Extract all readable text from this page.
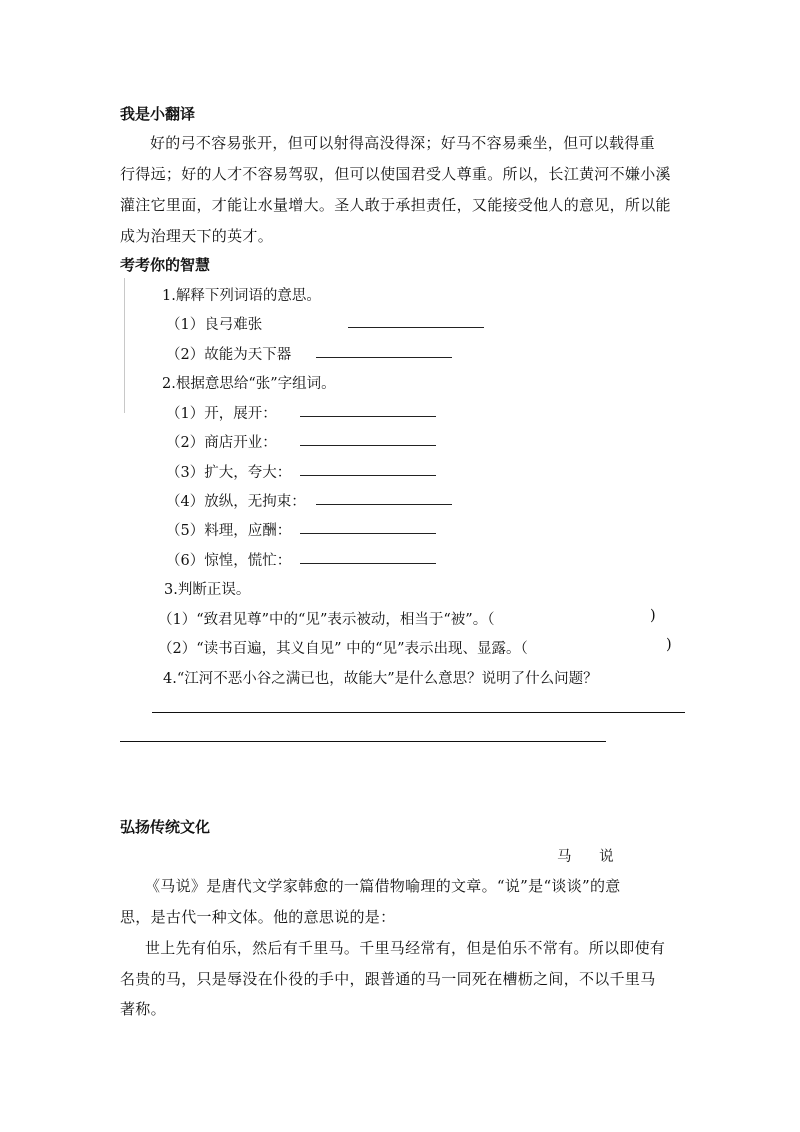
我是小翻译
好的弓不容易张开，但可以射得高没得深；好马不容易乘坐，但可以载得重
行得远；好的人才不容易驾驭，但可以使国君受人尊重。所以，长江黄河不嫌小溪
灌注它里面，才能让水量增大。圣人敢于承担责任，又能接受他人的意见，所以能
成为治理天下的英才。
考考你的智慧
1.解释下列词语的意思。
（1）良弓难张
（2）故能为天下器
2.根据意思给“张”字组词。
（1）开，展开：
（2）商店开业：
（3）扩大，夸大：
（4）放纵，无拘束：
（5）料理，应酬：
（6）惊惶，慌忙：
3.判断正误。
（1）“致君见尊”中的“见”表示被动，相当于“被”。（	)
（2）“读书百遍，其义自见” 中的“见”表示出现、显露。（	)
4.“江河不恶小谷之满已也，故能大”是什么意思？说明了什么问题？
弘扬传统文化
马      说
《马说》是唐代文学家韩愈的一篇借物喻理的文章。“说”是“谈谈”的意
思，是古代一种文体。他的意思说的是：
世上先有伯乐，然后有千里马。千里马经常有，但是伯乐不常有。所以即使有
名贵的马，只是辱没在仆役的手中，跟普通的马一同死在槽枥之间，不以千里马
著称。
